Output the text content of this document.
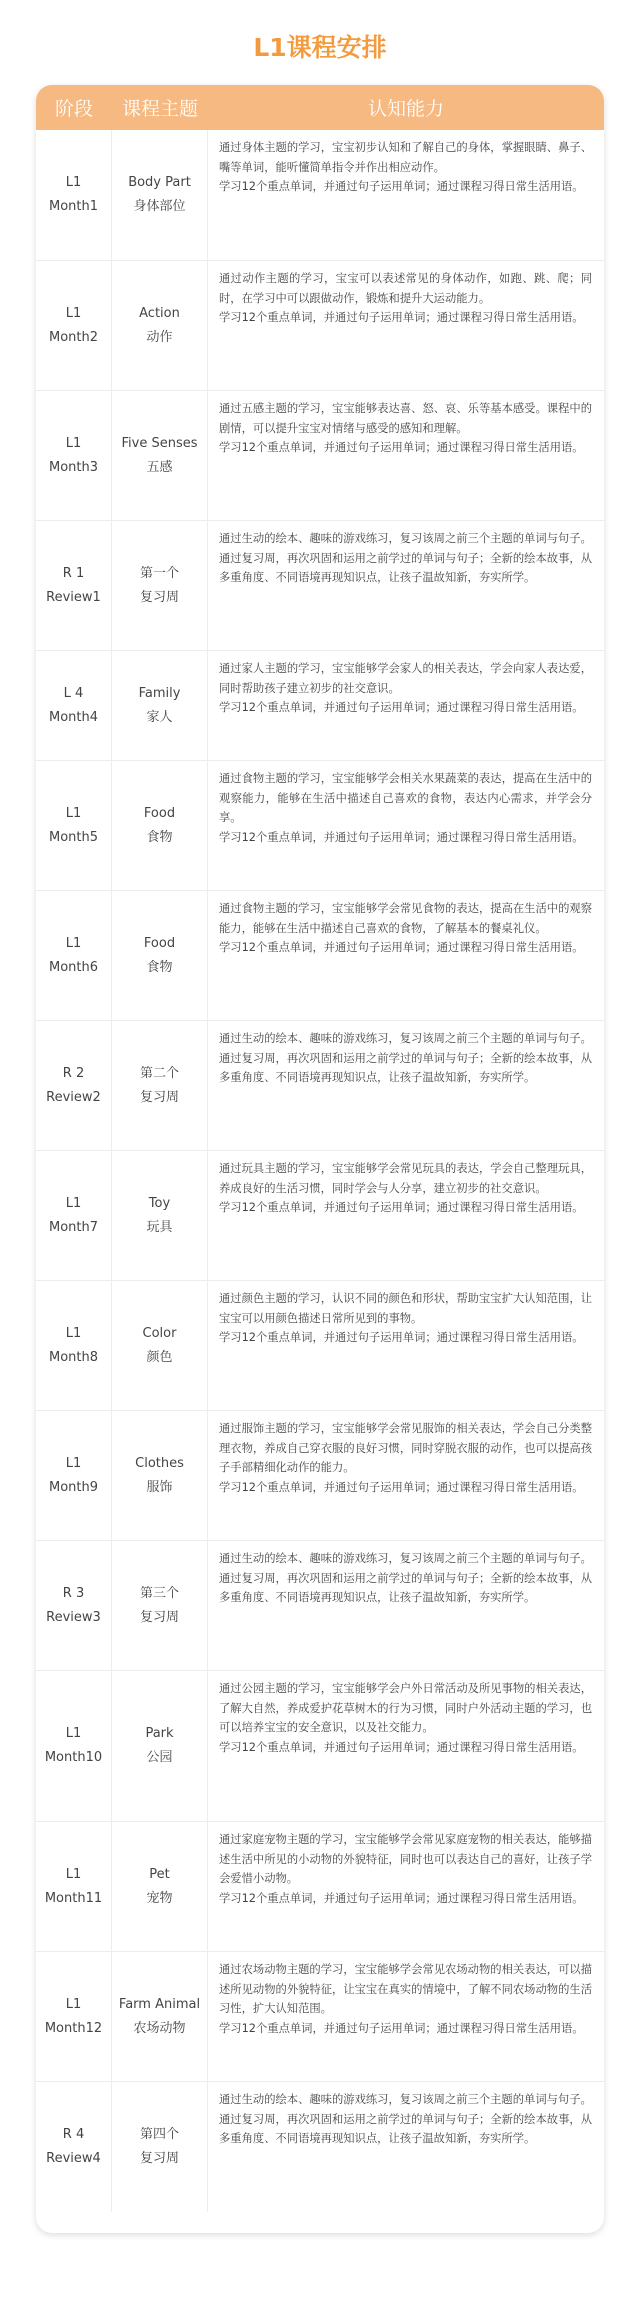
L1课程安排
阶段	课程主题	认知能力
L1
Month1
Body Part
身体部位

通过身体主题的学习，宝宝初步认知和了解自己的身体，掌握眼睛、鼻子、嘴等单词，能听懂简单指令并作出相应动作。

学习12个重点单词，并通过句子运用单词；通过课程习得日常生活用语。

L1
Month2
Action
动作

通过动作主题的学习，宝宝可以表述常见的身体动作，如跑、跳、爬；同时，在学习中可以跟做动作，锻炼和提升大运动能力。

学习12个重点单词，并通过句子运用单词；通过课程习得日常生活用语。

L1
Month3
Five Senses
五感

通过五感主题的学习，宝宝能够表达喜、怒、哀、乐等基本感受。课程中的剧情，可以提升宝宝对情绪与感受的感知和理解。

学习12个重点单词，并通过句子运用单词；通过课程习得日常生活用语。

R 1
Review1
第一个
复习周

通过生动的绘本、趣味的游戏练习，复习该周之前三个主题的单词与句子。

通过复习周，再次巩固和运用之前学过的单词与句子；全新的绘本故事，从多重角度、不同语境再现知识点，让孩子温故知新，夯实所学。

L 4
Month4
Family
家人

通过家人主题的学习，宝宝能够学会家人的相关表达，学会向家人表达爱，同时帮助孩子建立初步的社交意识。

学习12个重点单词，并通过句子运用单词；通过课程习得日常生活用语。

L1
Month5
Food
食物

通过食物主题的学习，宝宝能够学会相关水果蔬菜的表达，提高在生活中的观察能力，能够在生活中描述自己喜欢的食物，表达内心需求，并学会分享。

学习12个重点单词，并通过句子运用单词；通过课程习得日常生活用语。

L1
Month6
Food
食物

通过食物主题的学习，宝宝能够学会常见食物的表达，提高在生活中的观察能力，能够在生活中描述自己喜欢的食物，了解基本的餐桌礼仪。

学习12个重点单词，并通过句子运用单词；通过课程习得日常生活用语。

R 2
Review2
第二个
复习周

通过生动的绘本、趣味的游戏练习，复习该周之前三个主题的单词与句子。

通过复习周，再次巩固和运用之前学过的单词与句子；全新的绘本故事，从多重角度、不同语境再现知识点，让孩子温故知新，夯实所学。

L1
Month7
Toy
玩具

通过玩具主题的学习，宝宝能够学会常见玩具的表达，学会自己整理玩具，养成良好的生活习惯，同时学会与人分享，建立初步的社交意识。

学习12个重点单词，并通过句子运用单词；通过课程习得日常生活用语。

L1
Month8
Color
颜色

通过颜色主题的学习，认识不同的颜色和形状，帮助宝宝扩大认知范围，让宝宝可以用颜色描述日常所见到的事物。

学习12个重点单词，并通过句子运用单词；通过课程习得日常生活用语。

L1
Month9
Clothes
服饰

通过服饰主题的学习，宝宝能够学会常见服饰的相关表达，学会自己分类整理衣物，养成自己穿衣服的良好习惯，同时穿脱衣服的动作，也可以提高孩子手部精细化动作的能力。

学习12个重点单词，并通过句子运用单词；通过课程习得日常生活用语。

R 3
Review3
第三个
复习周

通过生动的绘本、趣味的游戏练习，复习该周之前三个主题的单词与句子。

通过复习周，再次巩固和运用之前学过的单词与句子；全新的绘本故事，从多重角度、不同语境再现知识点，让孩子温故知新，夯实所学。

L1
Month10
Park
公园

通过公园主题的学习，宝宝能够学会户外日常活动及所见事物的相关表达，了解大自然，养成爱护花草树木的行为习惯，同时户外活动主题的学习，也可以培养宝宝的安全意识，以及社交能力。

学习12个重点单词，并通过句子运用单词；通过课程习得日常生活用语。

L1
Month11
Pet
宠物

通过家庭宠物主题的学习，宝宝能够学会常见家庭宠物的相关表达，能够描述生活中所见的小动物的外貌特征，同时也可以表达自己的喜好，让孩子学会爱惜小动物。

学习12个重点单词，并通过句子运用单词；通过课程习得日常生活用语。

L1
Month12
Farm Animal
农场动物

通过农场动物主题的学习，宝宝能够学会常见农场动物的相关表达，可以描述所见动物的外貌特征，让宝宝在真实的情境中，了解不同农场动物的生活习性，扩大认知范围。

学习12个重点单词，并通过句子运用单词；通过课程习得日常生活用语。

R 4
Review4
第四个
复习周

通过生动的绘本、趣味的游戏练习，复习该周之前三个主题的单词与句子。

通过复习周，再次巩固和运用之前学过的单词与句子；全新的绘本故事，从多重角度、不同语境再现知识点，让孩子温故知新，夯实所学。
